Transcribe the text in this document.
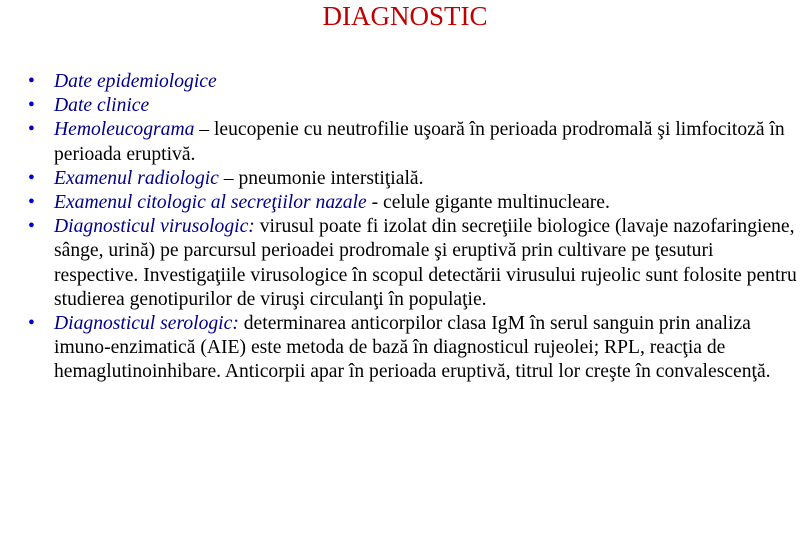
DIAGNOSTIC
• Date epidemiologice
• Date clinice
• Hemoleucograma – leucopenie cu neutrofilie uşoară în perioada prodromală şi limfocitoză în perioada eruptivă.
• Examenul radiologic – pneumonie interstiţială.
• Examenul citologic al secreţiilor nazale - celule gigante multinucleare.
• Diagnosticul virusologic: virusul poate fi izolat din secreţiile biologice (lavaje nazofaringiene, sânge, urină) pe parcursul perioadei prodromale şi eruptivă prin cultivare pe ţesuturi respective. Investigaţiile virusologice în scopul detectării virusului rujeolic sunt folosite pentru studierea genotipurilor de viruşi circulanţi în populaţie.
• Diagnosticul serologic: determinarea anticorpilor clasa IgM în serul sanguin prin analiza imuno-enzimatică (AIE) este metoda de bază în diagnosticul rujeolei; RPL, reacţia de hemaglutinoinhibare. Anticorpii apar în perioada eruptivă, titrul lor creşte în convalescenţă.
